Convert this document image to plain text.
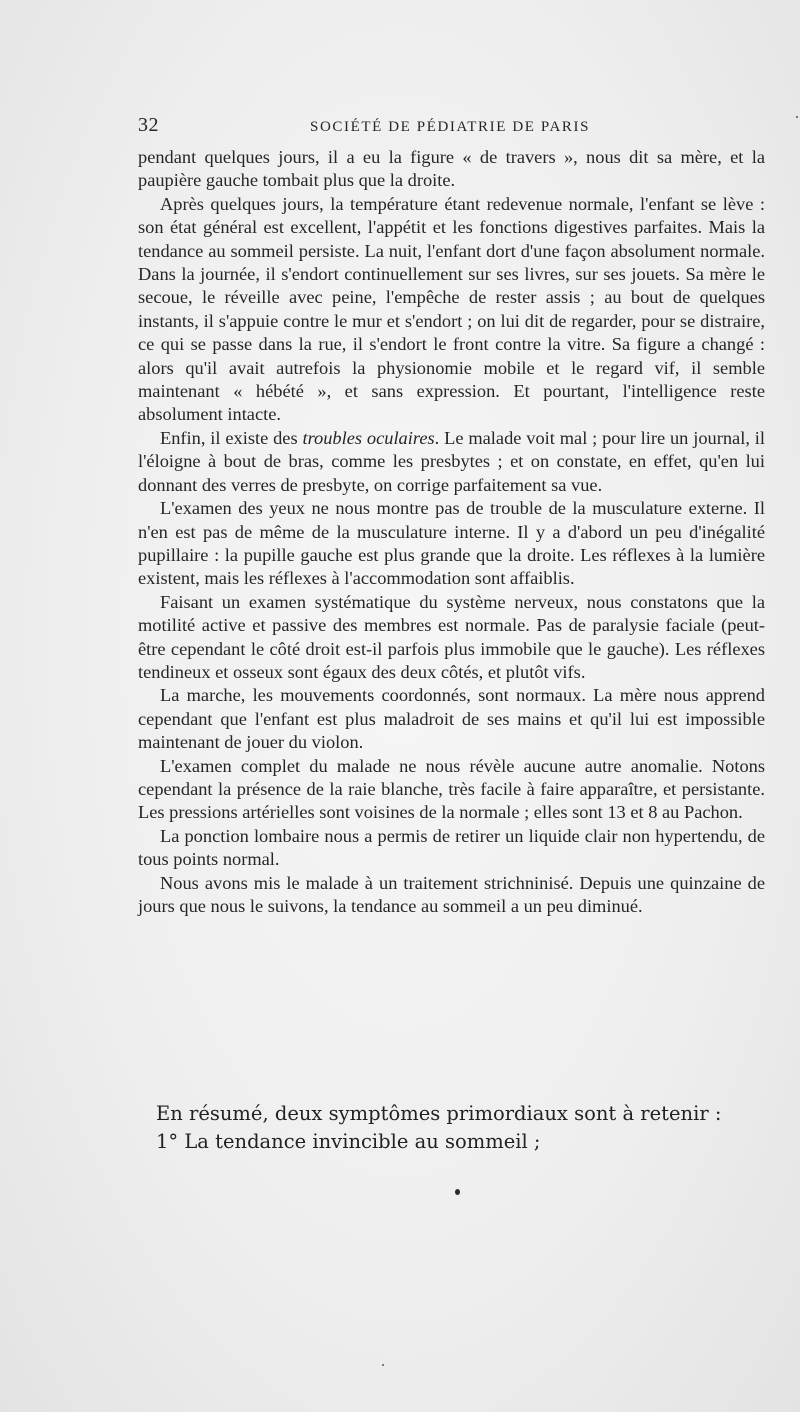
32	SOCIÉTÉ DE PÉDIATRIE DE PARIS

pendant quelques jours, il a eu la figure « de travers », nous dit sa mère, et la paupière gauche tombait plus que la droite.

Après quelques jours, la température étant redevenue normale, l'enfant se lève : son état général est excellent, l'appétit et les fonctions digestives parfaites. Mais la tendance au sommeil persiste. La nuit, l'enfant dort d'une façon absolument normale. Dans la journée, il s'endort continuellement sur ses livres, sur ses jouets. Sa mère le secoue, le réveille avec peine, l'empêche de rester assis ; au bout de quelques instants, il s'appuie contre le mur et s'endort ; on lui dit de regarder, pour se distraire, ce qui se passe dans la rue, il s'endort le front contre la vitre. Sa figure a changé : alors qu'il avait autrefois la physionomie mobile et le regard vif, il semble maintenant « hébété », et sans expression. Et pourtant, l'intelligence reste absolument intacte.

Enfin, il existe des troubles oculaires. Le malade voit mal ; pour lire un journal, il l'éloigne à bout de bras, comme les presbytes ; et on constate, en effet, qu'en lui donnant des verres de presbyte, on corrige parfaitement sa vue.

L'examen des yeux ne nous montre pas de trouble de la musculature externe. Il n'en est pas de même de la musculature interne. Il y a d'abord un peu d'inégalité pupillaire : la pupille gauche est plus grande que la droite. Les réflexes à la lumière existent, mais les réflexes à l'accommodation sont affaiblis.

Faisant un examen systématique du système nerveux, nous constatons que la motilité active et passive des membres est normale. Pas de paralysie faciale (peut-être cependant le côté droit est-il parfois plus immobile que le gauche). Les réflexes tendineux et osseux sont égaux des deux côtés, et plutôt vifs.

La marche, les mouvements coordonnés, sont normaux. La mère nous apprend cependant que l'enfant est plus maladroit de ses mains et qu'il lui est impossible maintenant de jouer du violon.

L'examen complet du malade ne nous révèle aucune autre anomalie. Notons cependant la présence de la raie blanche, très facile à faire apparaître, et persistante. Les pressions artérielles sont voisines de la normale ; elles sont 13 et 8 au Pachon.

La ponction lombaire nous a permis de retirer un liquide clair non hypertendu, de tous points normal.

Nous avons mis le malade à un traitement strichninisé. Depuis une quinzaine de jours que nous le suivons, la tendance au sommeil a un peu diminué.

En résumé, deux symptômes primordiaux sont à retenir :
1° La tendance invincible au sommeil ;
